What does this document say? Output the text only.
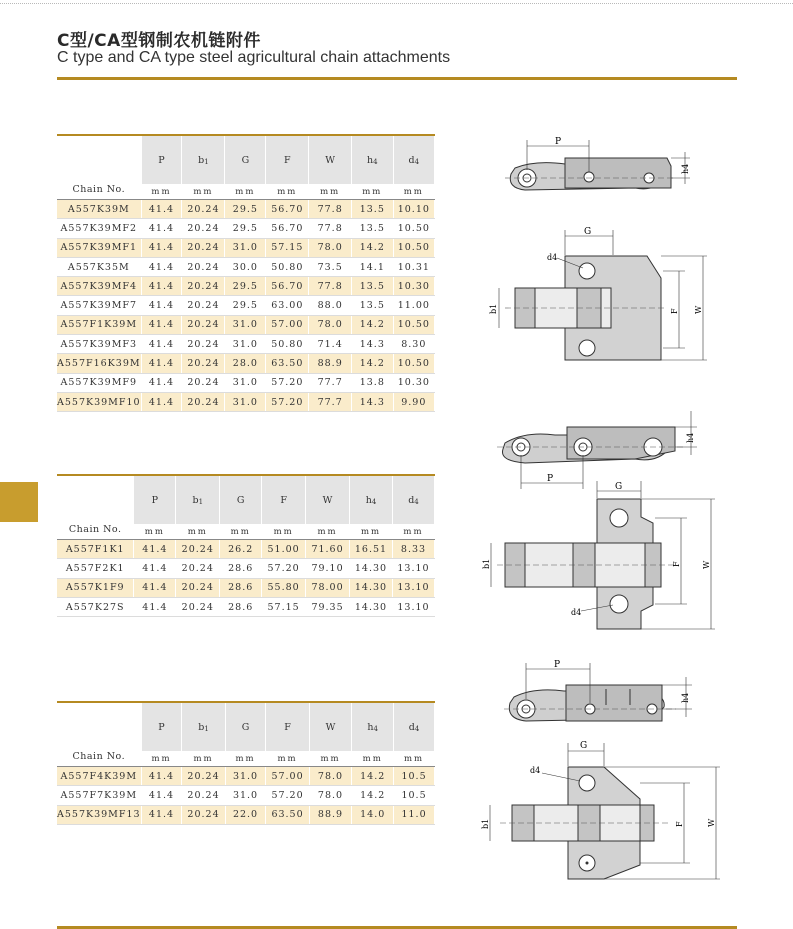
C型/CA型钢制农机链附件
C type and CA type steel agricultural chain attachments
Chain No.	P	b1	G	F	W	h4	d4
	mm	mm	mm	mm	mm	mm	mm
A557K39M	41.4	20.24	29.5	56.70	77.8	13.5	10.10
A557K39MF2	41.4	20.24	29.5	56.70	77.8	13.5	10.50
A557K39MF1	41.4	20.24	31.0	57.15	78.0	14.2	10.50
A557K35M	41.4	20.24	30.0	50.80	73.5	14.1	10.31
A557K39MF4	41.4	20.24	29.5	56.70	77.8	13.5	10.30
A557K39MF7	41.4	20.24	29.5	63.00	88.0	13.5	11.00
A557F1K39M	41.4	20.24	31.0	57.00	78.0	14.2	10.50
A557K39MF3	41.4	20.24	31.0	50.80	71.4	14.3	8.30
A557F16K39M	41.4	20.24	28.0	63.50	88.9	14.2	10.50
A557K39MF9	41.4	20.24	31.0	57.20	77.7	13.8	10.30
A557K39MF10	41.4	20.24	31.0	57.20	77.7	14.3	9.90
Chain No.	P	b1	G	F	W	h4	d4
	mm	mm	mm	mm	mm	mm	mm
A557F1K1	41.4	20.24	26.2	51.00	71.60	16.51	8.33
A557F2K1	41.4	20.24	28.6	57.20	79.10	14.30	13.10
A557K1F9	41.4	20.24	28.6	55.80	78.00	14.30	13.10
A557K27S	41.4	20.24	28.6	57.15	79.35	14.30	13.10
Chain No.	P	b1	G	F	W	h4	d4
	mm	mm	mm	mm	mm	mm	mm
A557F4K39M	41.4	20.24	31.0	57.00	78.0	14.2	10.5
A557F7K39M	41.4	20.24	31.0	57.20	78.0	14.2	10.5
A557K39MF13	41.4	20.24	22.0	63.50	88.9	14.0	11.0
P
h4
G
d4
b1	F W
P
h4
G
b1
d4
F	W
P
h4
G
d4
b1	F	W
